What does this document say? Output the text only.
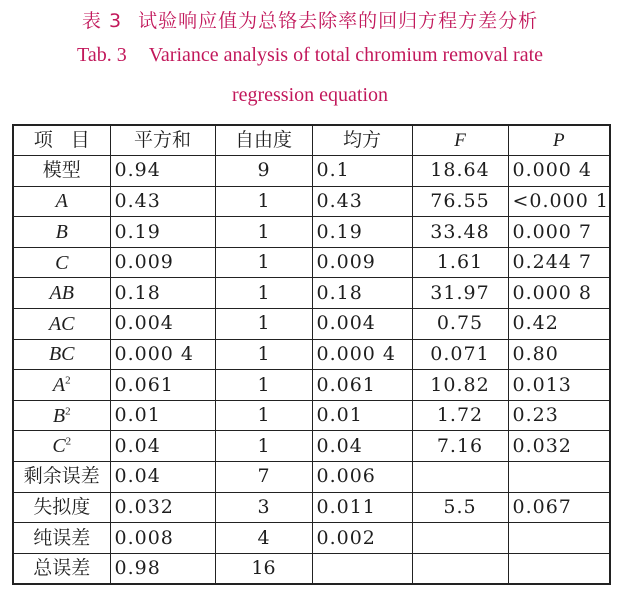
表 3 试验响应值为总铬去除率的回归方程方差分析
Tab. 3 Variance analysis of total chromium removal rate
regression equation
项   目	平方和	自由度	均方	F	P
模型	0.94	9	0.1	18.64	0.000 4
A	0.43	1	0.43	76.55	<0.000 1
B	0.19	1	0.19	33.48	0.000 7
C	0.009	1	0.009	1.61	0.244 7
AB	0.18	1	0.18	31.97	0.000 8
AC	0.004	1	0.004	0.75	0.42
BC	0.000 4	1	0.000 4	0.071	0.80
$A^2$	0.061	1	0.061	10.82	0.013
$B^2$	0.01	1	0.01	1.72	0.23
$C^2$	0.04	1	0.04	7.16	0.032
剩余误差	0.04	7	0.006		
失拟度	0.032	3	0.011	5.5	0.067
纯误差	0.008	4	0.002		
总误差	0.98	16			
